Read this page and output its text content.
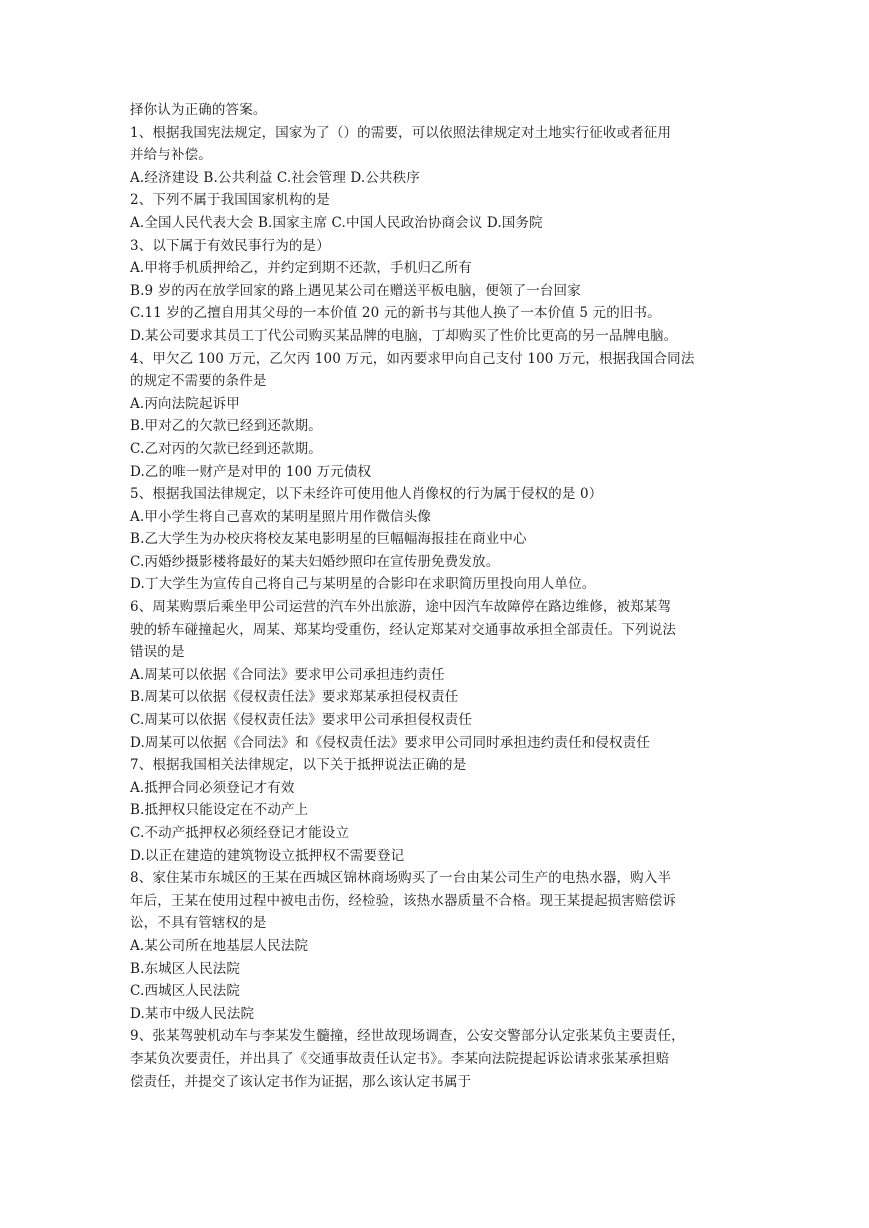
择你认为正确的答案。
1、根据我国宪法规定，国家为了（）的需要，可以依照法律规定对土地实行征收或者征用
并给与补偿。
A.经济建设 B.公共利益 C.社会管理 D.公共秩序
2、下列不属于我国国家机构的是
A.全国人民代表大会 B.国家主席 C.中国人民政治协商会议 D.国务院
3、以下属于有效民事行为的是）
A.甲将手机质押给乙，并约定到期不还款，手机归乙所有
B.9 岁的丙在放学回家的路上遇见某公司在赠送平板电脑，便领了一台回家
C.11 岁的乙擅自用其父母的一本价值 20 元的新书与其他人换了一本价值 5 元的旧书。
D.某公司要求其员工丁代公司购买某品牌的电脑，丁却购买了性价比更高的另一品牌电脑。
4、甲欠乙 100 万元，乙欠丙 100 万元，如丙要求甲向自己支付 100 万元，根据我国合同法
的规定不需要的条件是
A.丙向法院起诉甲
B.甲对乙的欠款已经到还款期。
C.乙对丙的欠款已经到还款期。
D.乙的唯一财产是对甲的 100 万元债权
5、根据我国法律规定，以下未经许可使用他人肖像权的行为属于侵权的是 0）
A.甲小学生将自己喜欢的某明星照片用作微信头像
B.乙大学生为办校庆将校友某电影明星的巨幅幅海报挂在商业中心
C.丙婚纱摄影楼将最好的某夫妇婚纱照印在宣传册免费发放。
D.丁大学生为宣传自己将自己与某明星的合影印在求职简历里投向用人单位。
6、周某购票后乘坐甲公司运营的汽车外出旅游，途中因汽车故障停在路边维修，被郑某驾
驶的轿车碰撞起火，周某、郑某均受重伤，经认定郑某对交通事故承担全部责任。下列说法
错误的是
A.周某可以依据《合同法》要求甲公司承担违约责任
B.周某可以依据《侵权责任法》要求郑某承担侵权责任
C.周某可以依据《侵权责任法》要求甲公司承担侵权责任
D.周某可以依据《合同法》和《侵权责任法》要求甲公司同时承担违约责任和侵权责任
7、根据我国相关法律规定，以下关于抵押说法正确的是
A.抵押合同必须登记才有效
B.抵押权只能设定在不动产上
C.不动产抵押权必须经登记才能设立
D.以正在建造的建筑物设立抵押权不需要登记
8、家住某市东城区的王某在西城区锦林商场购买了一台由某公司生产的电热水器，购入半
年后，王某在使用过程中被电击伤，经检验，该热水器质量不合格。现王某提起损害赔偿诉
讼，不具有管辖权的是
A.某公司所在地基层人民法院
B.东城区人民法院
C.西城区人民法院
D.某市中级人民法院
9、张某驾驶机动车与李某发生髓撞，经世故现场调查，公安交警部分认定张某负主要责任，
李某负次要责任，并出具了《交通事故责任认定书》。李某向法院提起诉讼请求张某承担赔
偿责任，并提交了该认定书作为证据，那么该认定书属于
